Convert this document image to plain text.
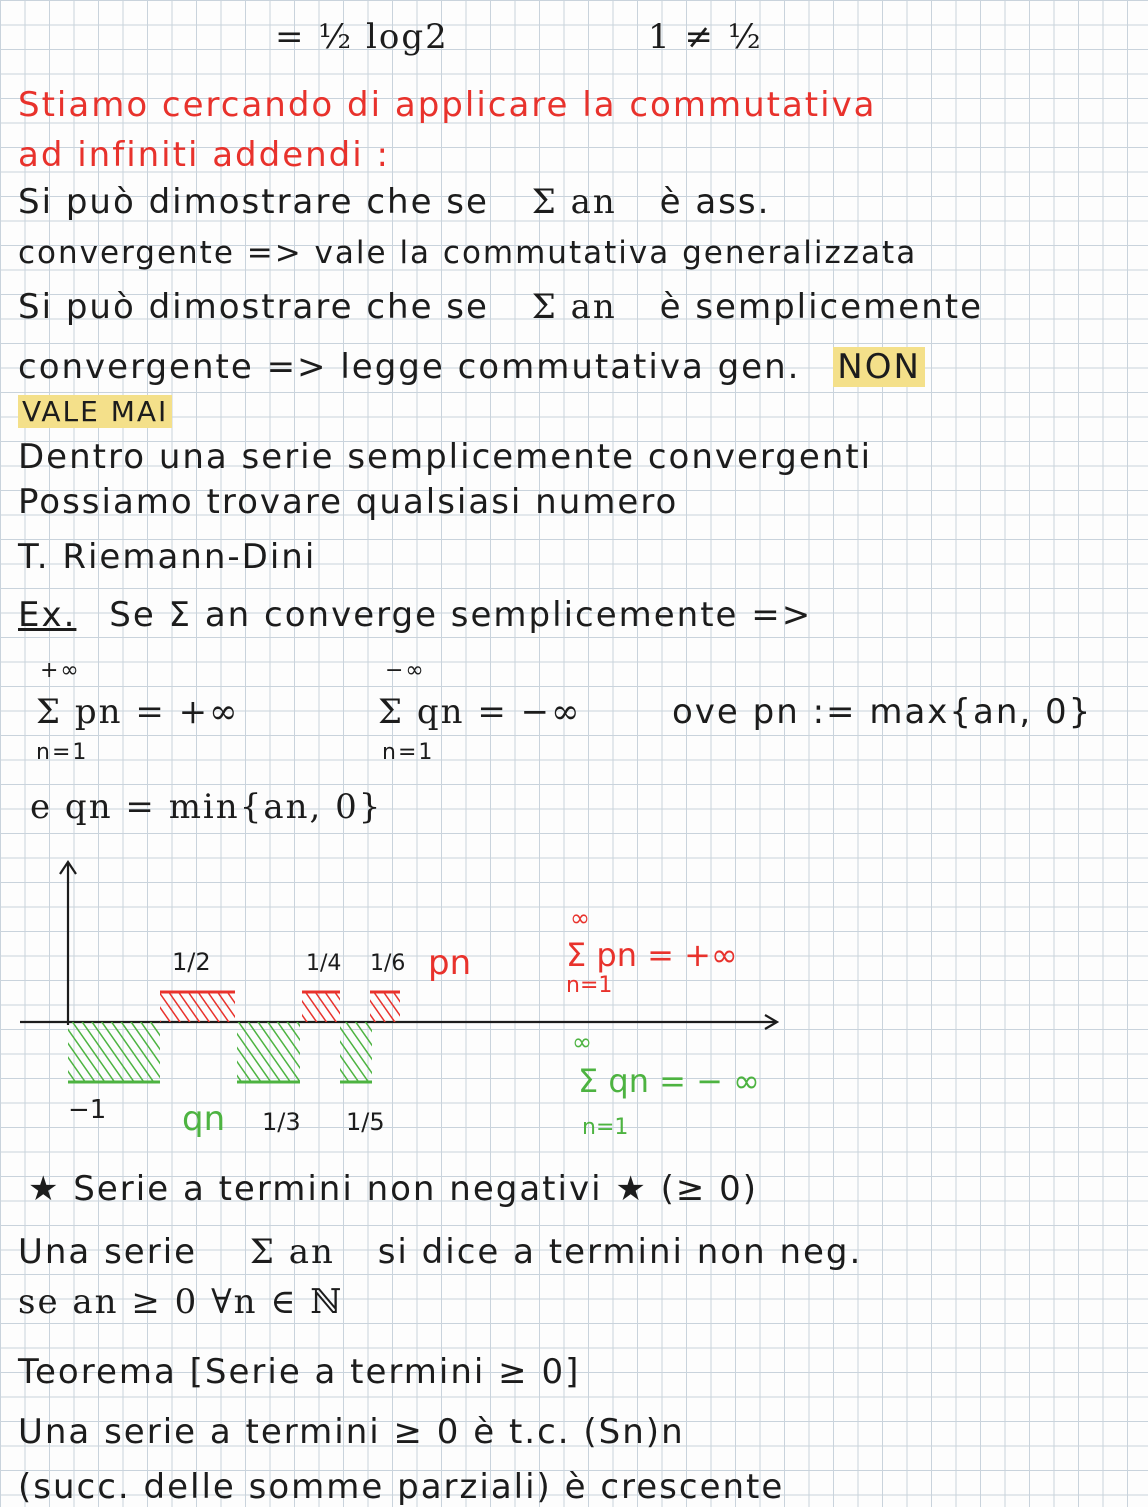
= ½ log2	1 ≠ ½
Stiamo cercando di applicare la commutativa
ad infiniti addendi :
Si può dimostrare che se Σ an è ass.
convergente => vale la commutativa generalizzata
Si può dimostrare che se Σ an è semplicemente
convergente => legge commutativa gen. NON
VALE MAI
Dentro una serie semplicemente convergenti
Possiamo trovare qualsiasi numero
T. Riemann-Dini
Ex. Se Σ an converge semplicemente =>
+∞
n=1
Σ pn = +∞
−∞
n=1
Σ qn = −∞	ove pn := max{an, 0}
e qn = min{an, 0}
1/2	1/4 1/6 pn
−1 qn 1/3 1/5
∞
Σ pn = +∞
n=1
∞
Σ qn = − ∞
n=1
★ Serie a termini non negativi ★ (≥ 0)
Una serie Σ an si dice a termini non neg.
se an ≥ 0 ∀n ∈ ℕ
Teorema [Serie a termini ≥ 0]
Una serie a termini ≥ 0 è t.c. (Sn)n
(succ. delle somme parziali) è crescente
